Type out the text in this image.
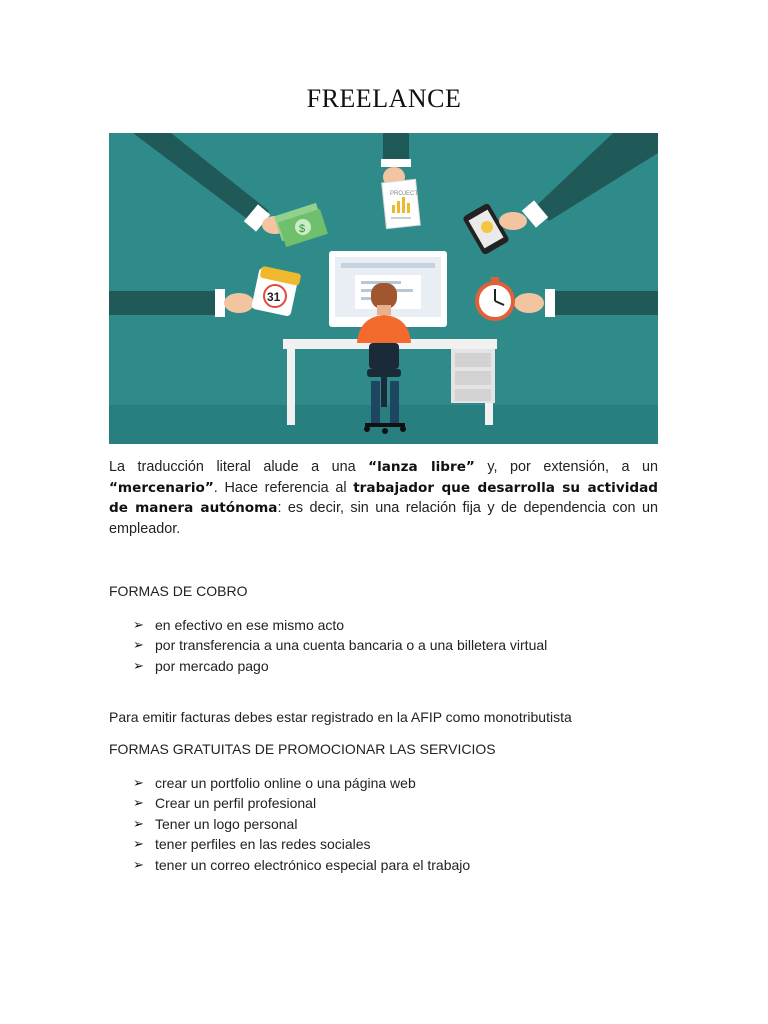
FREELANCE
$
PROJECT
31
La traducción literal alude a una “lanza libre” y, por extensión, a un “mercenario”. Hace referencia al trabajador que desarrolla su actividad de manera autónoma: es decir, sin una relación fija y de dependencia con un empleador.
FORMAS DE COBRO
➢ en efectivo en ese mismo acto
➢ por transferencia a una cuenta bancaria o a una billetera virtual
➢ por mercado pago
Para emitir facturas debes estar registrado en la AFIP como monotributista
FORMAS GRATUITAS DE PROMOCIONAR LAS SERVICIOS
➢ crear un portfolio online o una página web
➢ Crear un perfil profesional
➢ Tener un logo personal
➢ tener perfiles en las redes sociales
➢ tener un correo electrónico especial para el trabajo
